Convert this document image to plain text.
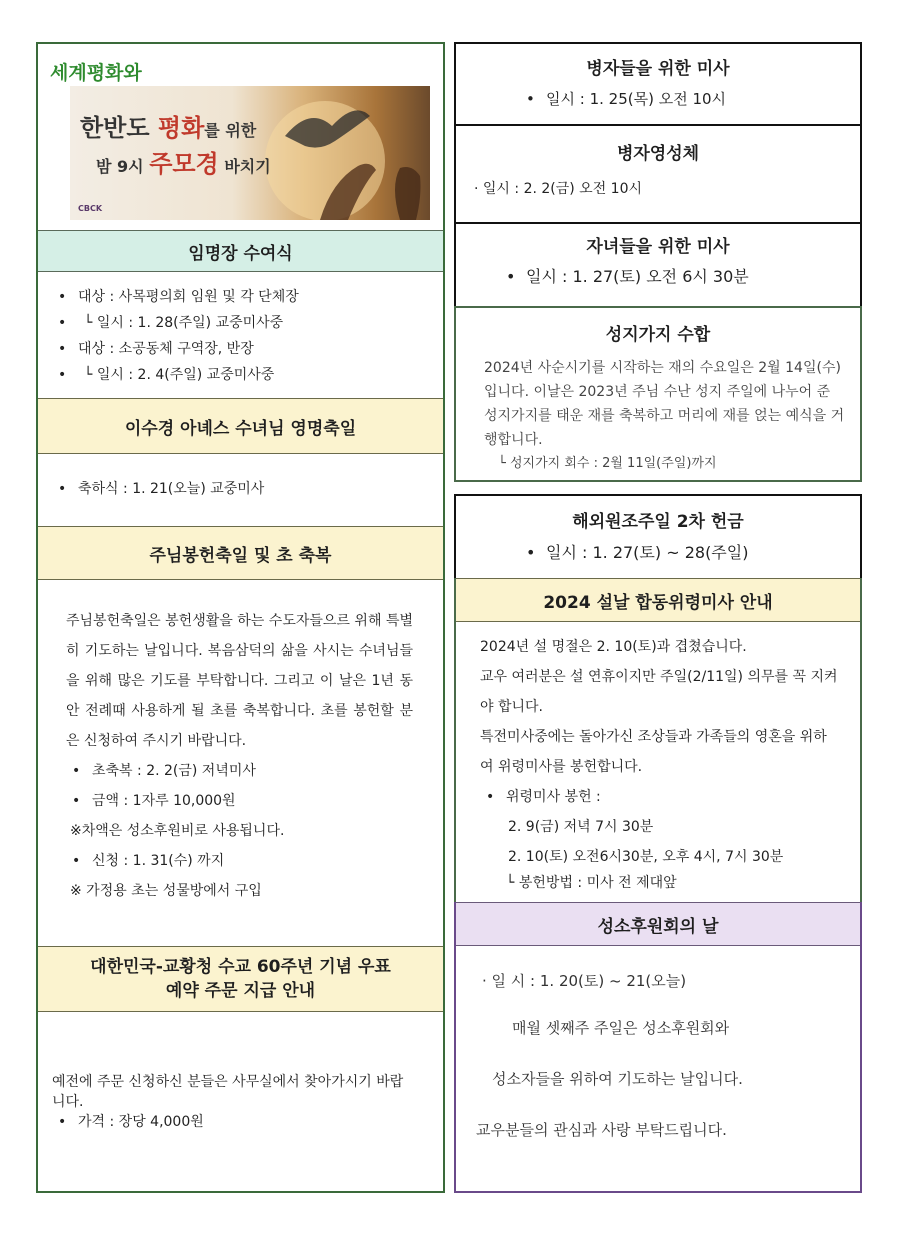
세계평화와
한반도 평화를 위한
밤 9시 주모경 바치기
CBCK
임명장 수여식
• 대상 : 사목평의회 임원 및 각 단체장
• └ 일시 : 1. 28(주일) 교중미사중
• 대상 : 소공동체 구역장, 반장
• └ 일시 : 2. 4(주일) 교중미사중
이수경 아녜스 수녀님 영명축일
• 축하식 : 1. 21(오늘) 교중미사
주님봉헌축일 및 초 축복
주님봉헌축일은 봉헌생활을 하는 수도자들으르 위해 특별히 기도하는 날입니다. 복음삼덕의 삶을 사시는 수녀님들을 위해 많은 기도를 부탁합니다. 그리고 이 날은 1년 동안 전례때 사용하게 될 초를 축복합니다. 초를 봉헌할 분은 신청하여 주시기 바랍니다.
• 초축복 : 2. 2(금) 저녁미사
• 금액 : 1자루 10,000원
※차액은 성소후원비로 사용됩니다.
• 신청 : 1. 31(수) 까지
※ 가정용 초는 성물방에서 구입
대한민국-교황청 수교 60주년 기념 우표
예약 주문 지급 안내
예전에 주문 신청하신 분들은 사무실에서 찾아가시기 바랍니다.
• 가격 : 장당 4,000원
병자들을 위한 미사
• 일시 : 1. 25(목) 오전 10시
병자영성체
· 일시 : 2. 2(금) 오전 10시
자녀들을 위한 미사
• 일시 : 1. 27(토) 오전 6시 30분
성지가지 수합
2024년 사순시기를 시작하는 재의 수요일은 2월 14일(수)입니다. 이날은 2023년 주님 수난 성지 주일에 나누어 준 성지가지를 태운 재를 축복하고 머리에 재를 얹는 예식을 거행합니다.
└ 성지가지 회수 : 2월 11일(주일)까지
해외원조주일 2차 헌금
• 일시 : 1. 27(토) ~ 28(주일)
2024 설날 합동위령미사 안내
2024년 설 명절은 2. 10(토)과 겹쳤습니다.
교우 여러분은 설 연휴이지만 주일(2/11일) 의무를 꼭 지켜야 합니다.
특전미사중에는 돌아가신 조상들과 가족들의 영혼을 위하여 위령미사를 봉헌합니다.
• 위령미사 봉헌 :
2. 9(금) 저녁 7시 30분
2. 10(토) 오전6시30분, 오후 4시, 7시 30분
└ 봉헌방법 : 미사 전 제대앞
성소후원회의 날
· 일 시 : 1. 20(토) ~ 21(오늘)
매월 셋째주 주일은 성소후원회와
성소자들을 위하여 기도하는 날입니다.
교우분들의 관심과 사랑 부탁드립니다.
